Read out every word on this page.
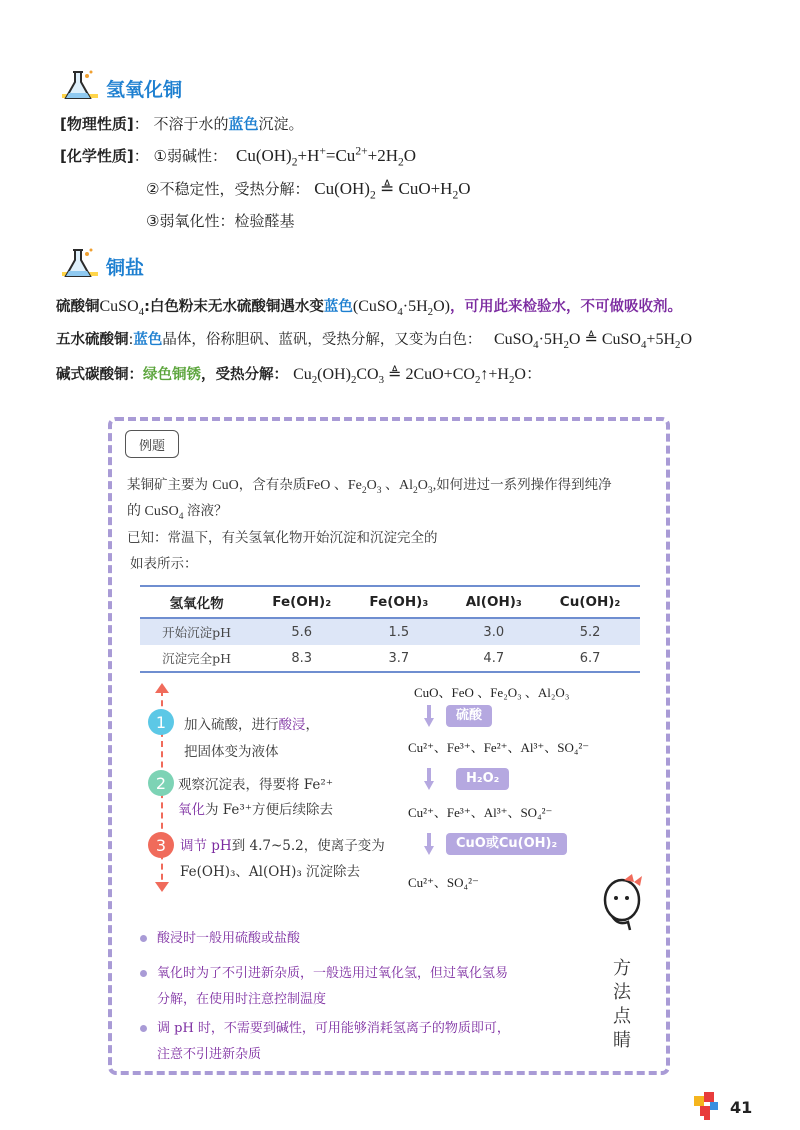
氢氧化铜
[物理性质]： 不溶于水的蓝色沉淀。
[化学性质]： ①弱碱性：  $Cu(OH)_2+H^+=Cu^{2+}+2H_2O$
②不稳定性，受热分解： $Cu(OH)_2$ ≜ $CuO+H_2O$
③弱氧化性：检验醛基
铜盐
硫酸铜CuSO$_4$:白色粉末无水硫酸铜遇水变蓝色$(CuSO_4\cdot 5H_2O)$，可用此来检验水，不可做吸收剂。
五水硫酸铜:蓝色晶体，俗称胆矾、蓝矾，受热分解，又变为白色：   $CuSO_4\cdot 5H_2O$ ≜ $CuSO_4+5H_2O$
碱式碳酸铜：绿色铜锈，受热分解： $Cu_2(OH)_2CO_3$ ≜ $2CuO+CO_2↑+H_2O$：
例题
某铜矿主要为 CuO，含有杂质FeO 、$Fe_2O_3$ 、$Al_2O_3$,如何进过一系列操作得到纯净
的 CuSO$_4$ 溶液？
已知：常温下，有关氢氧化物开始沉淀和沉淀完全的
如表所示：
氢氧化物	Fe(OH)₂	Fe(OH)₃	Al(OH)₃	Cu(OH)₂
开始沉淀pH	5.6	1.5	3.0	5.2
沉淀完全pH	8.3	3.7	4.7	6.7
1	加入硫酸，进行酸浸，
把固体变为液体
2 观察沉淀表，得要将 Fe²⁺
氧化为 Fe³⁺方便后续除去
3	调节 pH到 4.7~5.2，使离子变为
Fe(OH)₃、Al(OH)₃ 沉淀除去
CuO、FeO 、Fe₂O₃ 、Al₂O₃
硫酸
Cu²⁺、Fe³⁺、Fe²⁺、Al³⁺、SO₄²⁻
H₂O₂
Cu²⁺、Fe³⁺、Al³⁺、SO₄²⁻
CuO或Cu(OH)₂
Cu²⁺、SO₄²⁻
酸浸时一般用硫酸或盐酸
氧化时为了不引进新杂质，一般选用过氧化氢，但过氧化氢易
分解，在使用时注意控制温度
调 pH 时，不需要到碱性，可用能够消耗氢离子的物质即可，
注意不引进新杂质
方法点睛
41
